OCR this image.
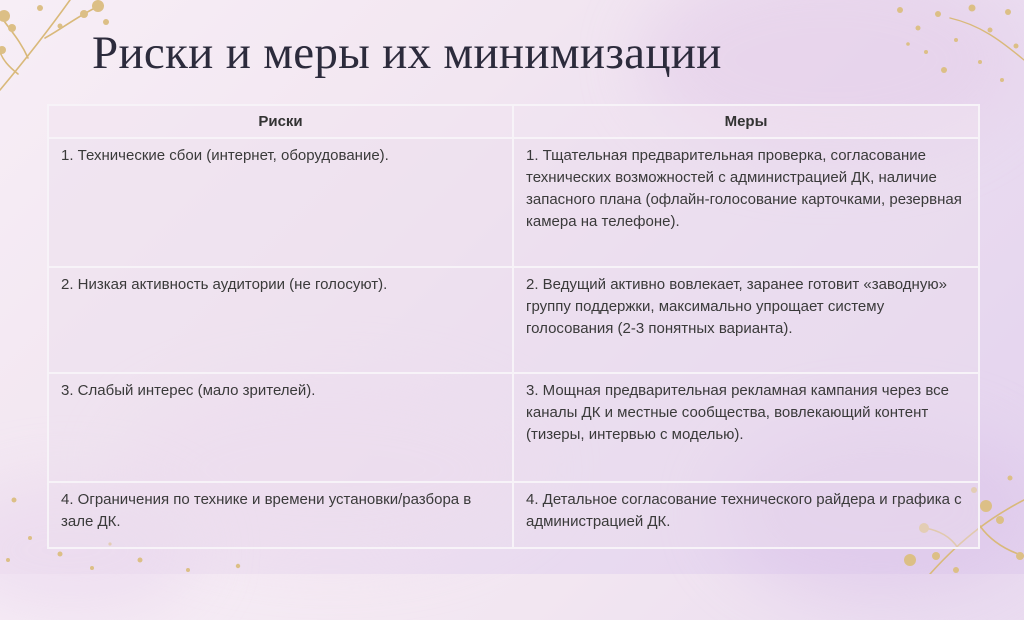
Риски и меры их минимизации
Риски	Меры
1. Технические сбои (интернет, оборудование).	1. Тщательная предварительная проверка, согласование технических возможностей с администрацией ДК, наличие запасного плана (офлайн-голосование карточками, резервная камера на телефоне).
2. Низкая активность аудитории (не голосуют).	2. Ведущий активно вовлекает, заранее готовит «заводную» группу поддержки, максимально упрощает систему голосования (2-3 понятных варианта).
3. Слабый интерес (мало зрителей).	3. Мощная предварительная рекламная кампания через все каналы ДК и местные сообщества, вовлекающий контент (тизеры, интервью с моделью).
4. Ограничения по технике и времени установки/разбора в зале ДК.	4. Детальное согласование технического райдера и графика с администрацией ДК.
